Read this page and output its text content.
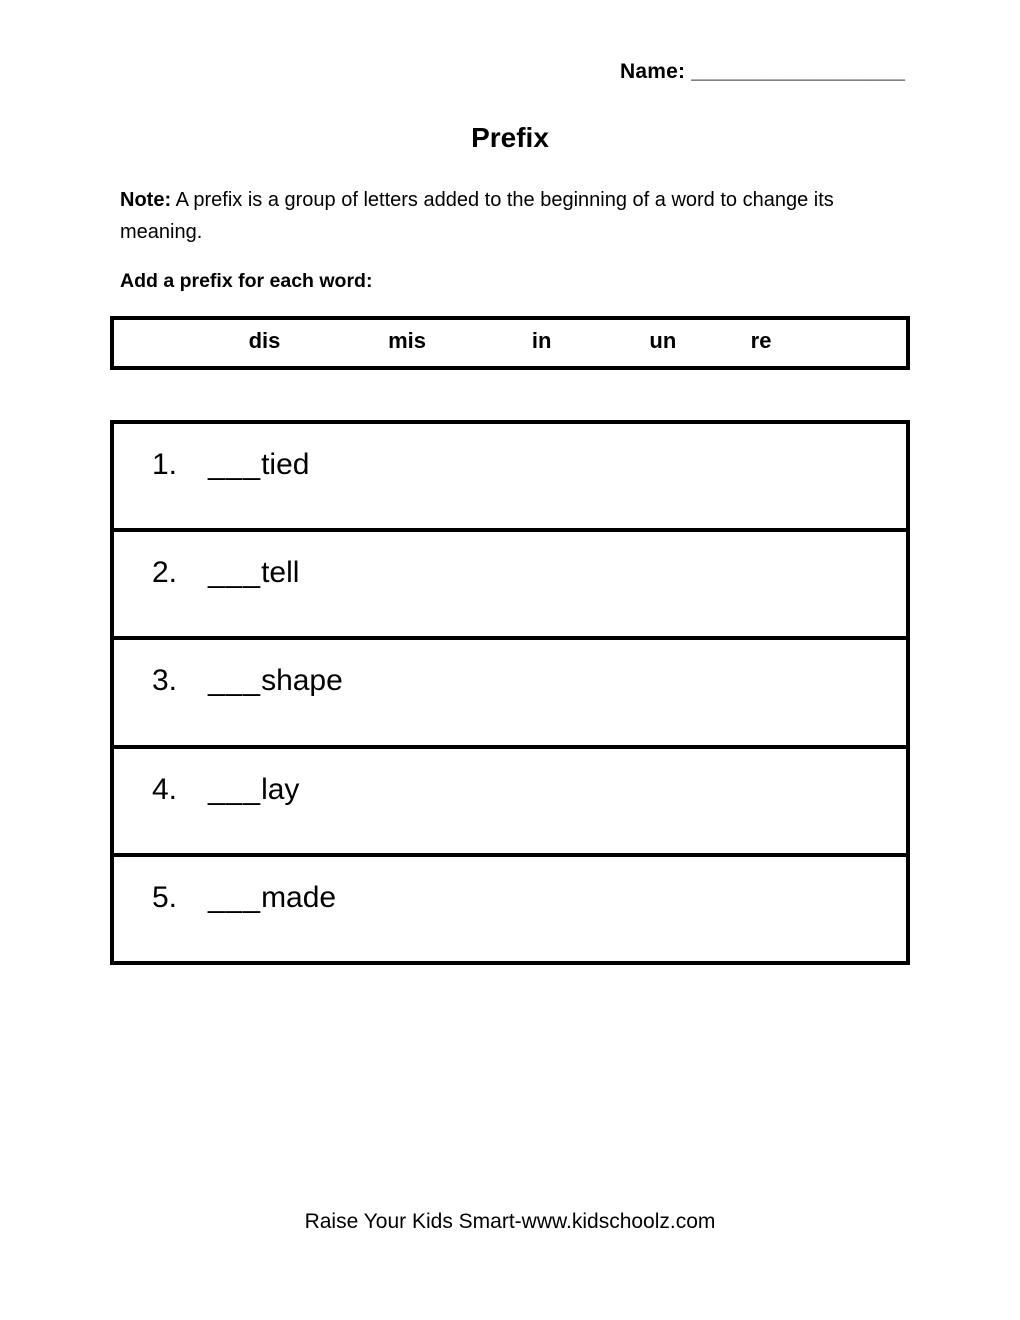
Name: __________________
Prefix
Note: A prefix is a group of letters added to the beginning of a word to change its meaning.
Add a prefix for each word:
dis	mis	in	un	re
1. ___tied
2. ___tell
3. ___shape
4. ___lay
5. ___made
Raise Your Kids Smart-www.kidschoolz.com
